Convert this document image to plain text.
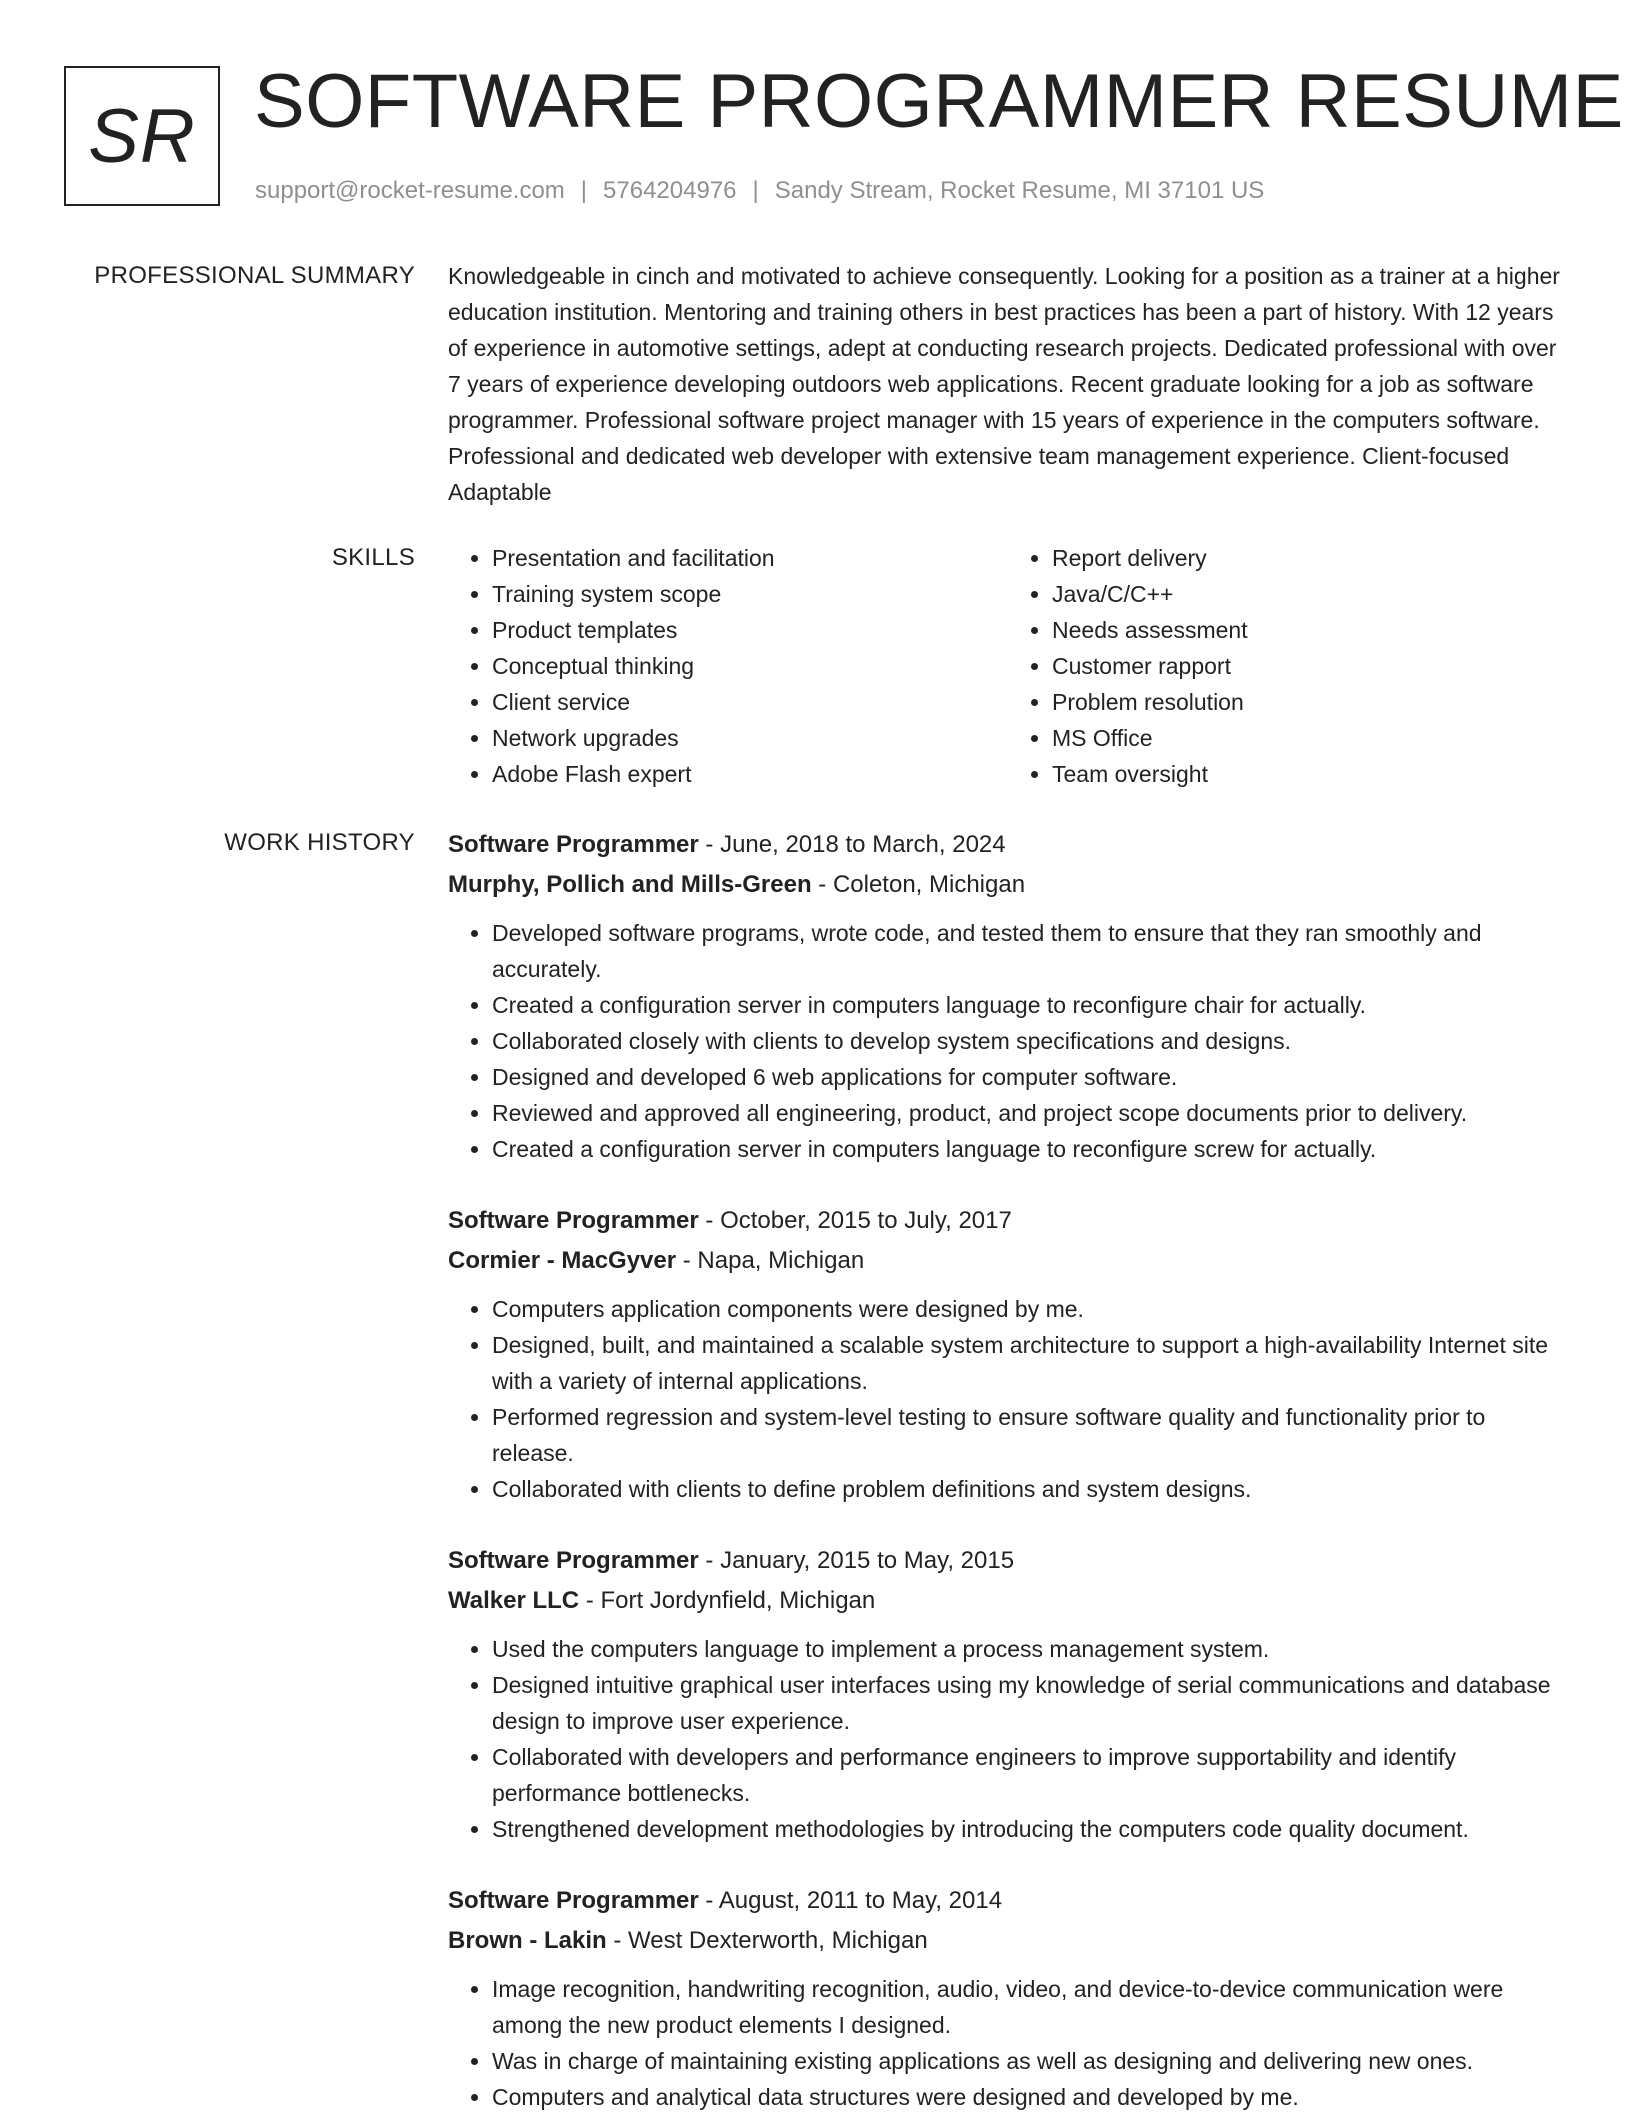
SR SOFTWARE PROGRAMMER RESUME
support@rocket-resume.com | 5764204976 | Sandy Stream, Rocket Resume, MI 37101 US
PROFESSIONAL SUMMARY Knowledgeable in cinch and motivated to achieve consequently. Looking for a position as a trainer at a higher education institution. Mentoring and training others in best practices has been a part of history. With 12 years of experience in automotive settings, adept at conducting research projects. Dedicated professional with over 7 years of experience developing outdoors web applications. Recent graduate looking for a job as software programmer. Professional software project manager with 15 years of experience in the computers software. Professional and dedicated web developer with extensive team management experience. Client-focused Adaptable

SKILLS
•	Presentation and facilitation
• Training system scope
• Product templates
• Conceptual thinking
• Client service
• Network upgrades
• Adobe Flash expert
• Report delivery
• Java/C/C++
• Needs assessment
• Customer rapport
• Problem resolution
• MS Office
• Team oversight
WORK HISTORY Software Programmer - June, 2018 to March, 2024
Murphy, Pollich and Mills-Green - Coleton, Michigan
• Developed software programs, wrote code, and tested them to ensure that they ran smoothly and accurately.
• Created a configuration server in computers language to reconfigure chair for actually.
• Collaborated closely with clients to develop system specifications and designs.
• Designed and developed 6 web applications for computer software.
• Reviewed and approved all engineering, product, and project scope documents prior to delivery.
• Created a configuration server in computers language to reconfigure screw for actually.
Software Programmer - October, 2015 to July, 2017
Cormier - MacGyver - Napa, Michigan
• Computers application components were designed by me.
• Designed, built, and maintained a scalable system architecture to support a high-availability Internet site with a variety of internal applications.
• Performed regression and system-level testing to ensure software quality and functionality prior to release.
• Collaborated with clients to define problem definitions and system designs.
Software Programmer - January, 2015 to May, 2015
Walker LLC - Fort Jordynfield, Michigan
• Used the computers language to implement a process management system.
• Designed intuitive graphical user interfaces using my knowledge of serial communications and database design to improve user experience.
• Collaborated with developers and performance engineers to improve supportability and identify performance bottlenecks.
• Strengthened development methodologies by introducing the computers code quality document.
Software Programmer - August, 2011 to May, 2014
Brown - Lakin - West Dexterworth, Michigan
• Image recognition, handwriting recognition, audio, video, and device-to-device communication were among the new product elements I designed.
• Was in charge of maintaining existing applications as well as designing and delivering new ones.
• Computers and analytical data structures were designed and developed by me.
